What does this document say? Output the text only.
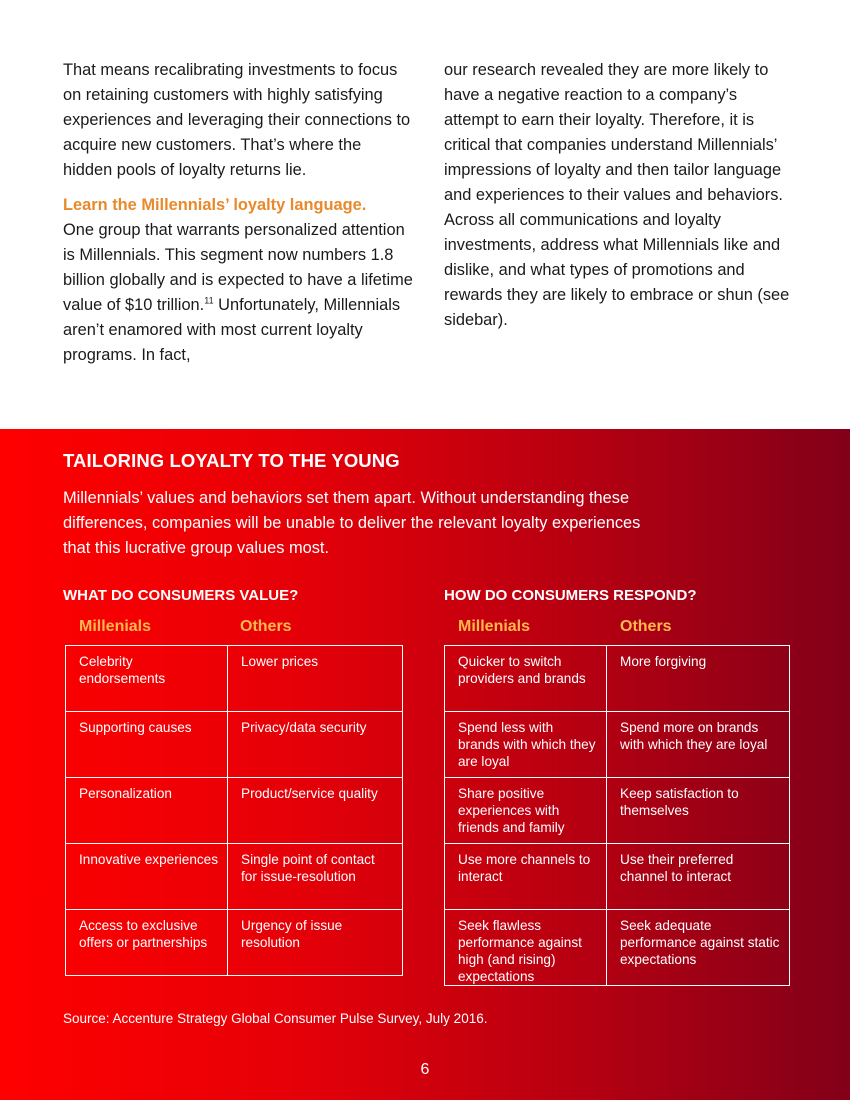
That means recalibrating investments to focus on retaining customers with highly satisfying experiences and leveraging their connections to acquire new customers. That’s where the hidden pools of loyalty returns lie.

Learn the Millennials’ loyalty language.
One group that warrants personalized attention is Millennials. This segment now numbers 1.8 billion globally and is expected to have a lifetime value of $10 trillion.$^{11}$ Unfortunately, Millennials aren’t enamored with most current loyalty programs. In fact,

our research revealed they are more likely to have a negative reaction to a company’s attempt to earn their loyalty. Therefore, it is critical that companies understand Millennials’ impressions of loyalty and then tailor language and experiences to their values and behaviors. Across all communications and loyalty investments, address what Millennials like and dislike, and what types of promotions and rewards they are likely to embrace or shun (see sidebar).

TAILORING LOYALTY TO THE YOUNG

Millennials’ values and behaviors set them apart. Without understanding these differences, companies will be unable to deliver the relevant loyalty experiences that this lucrative group values most.

WHAT DO CONSUMERS VALUE?	HOW DO CONSUMERS RESPOND?
Millenials	Others	Millenials	Others
Celebrity endorsements	Lower prices
Supporting causes	Privacy/data security
Personalization	Product/service quality
Innovative experiences	Single point of contact for issue-resolution
Access to exclusive offers or partnerships	Urgency of issue resolution
Quicker to switch providers and brands	More forgiving
Spend less with brands with which they are loyal	Spend more on brands with which they are loyal
Share positive experiences with friends and family	Keep satisfaction to themselves
Use more channels to interact	Use their preferred channel to interact
Seek flawless performance against high (and rising) expectations	Seek adequate performance against static expectations

Source: Accenture Strategy Global Consumer Pulse Survey, July 2016.

6
